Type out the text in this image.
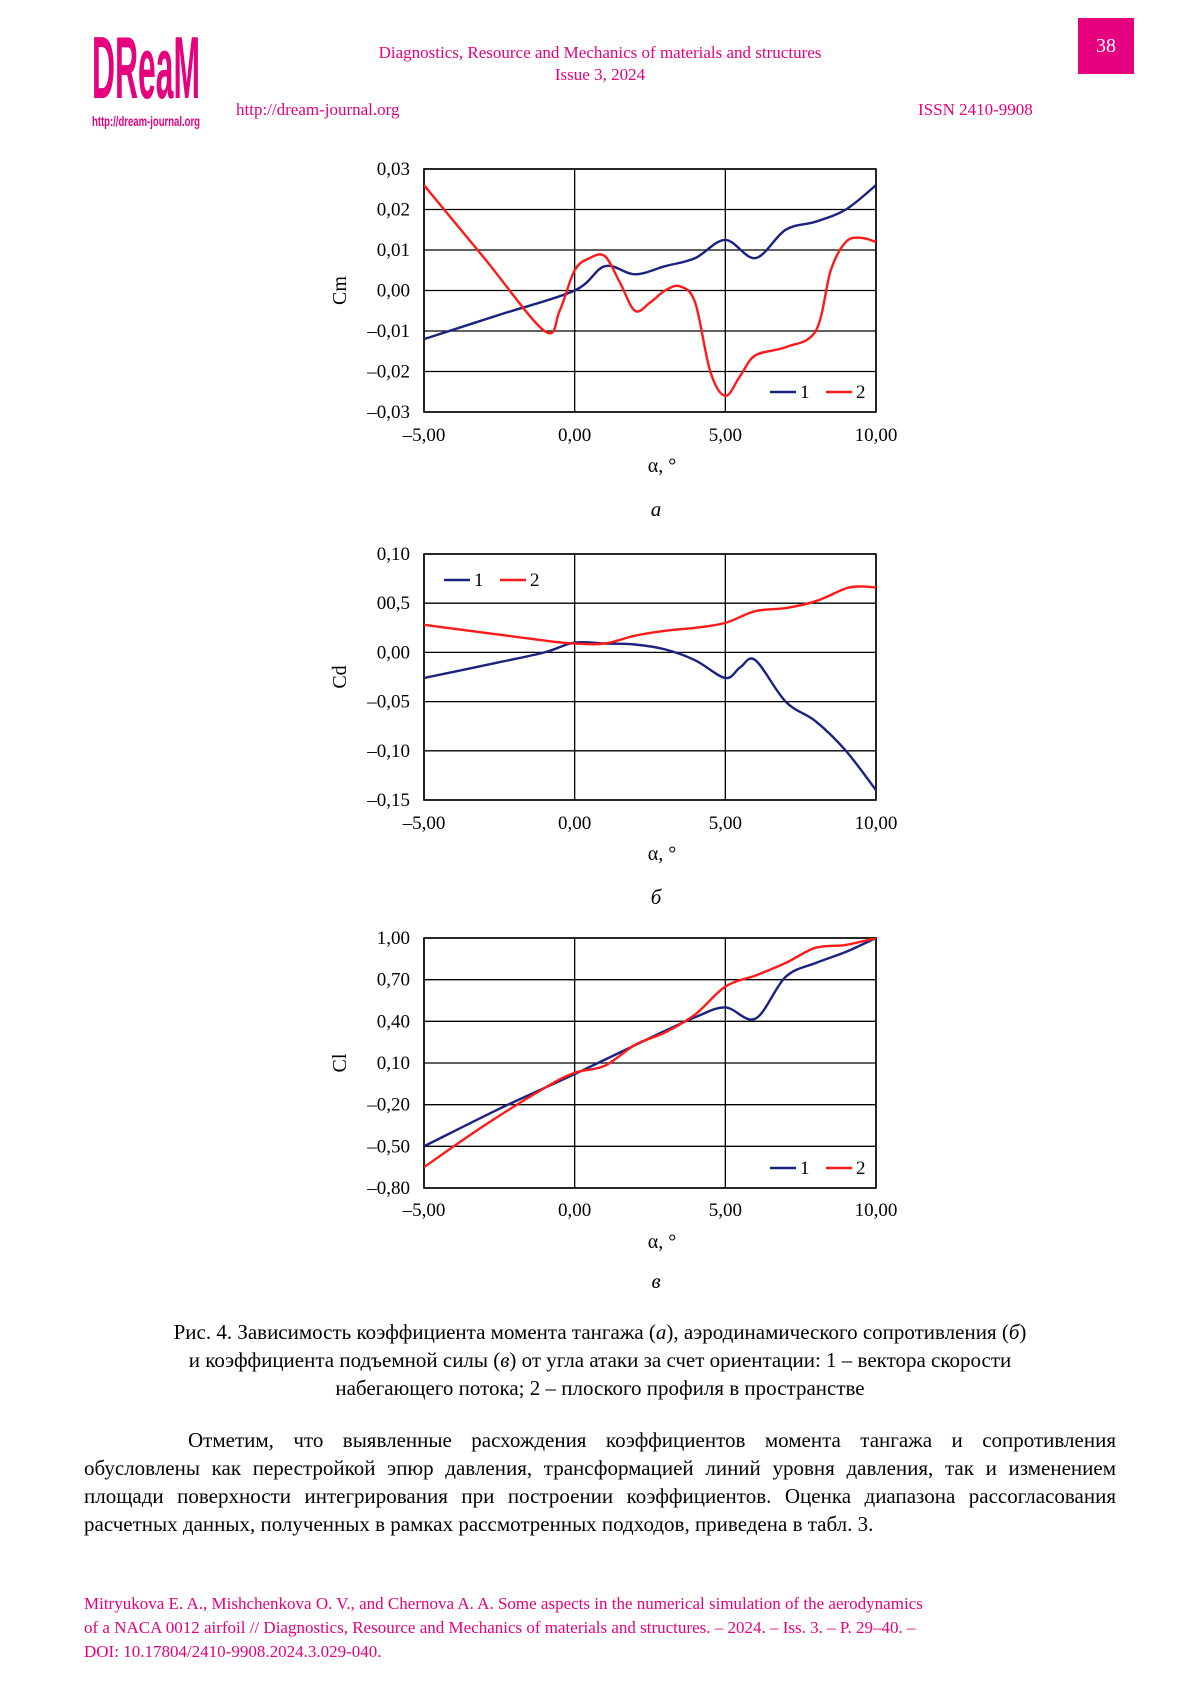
DReaM
http://dream-journal.org
Diagnostics, Resource and Mechanics of materials and structures
Issue 3, 2024
http://dream-journal.org	ISSN 2410-9908
38
0,03
0,02
0,01
0,00
–0,01
–0,02
–0,03
–5,00	0,00	5,00	10,00
1 2
α, °
Cm
а
0,10
00,5
0,00
–0,05
–0,10
–0,15
–5,00	0,00	5,00	10,00
1 2
α, °
Cd
б
1,00
0,70
0,40
0,10
–0,20
–0,50
–0,80
–5,00	0,00	5,00	10,00
1 2
α, °
Cl
в
Рис. 4. Зависимость коэффициента момента тангажа (а), аэродинамического сопротивления (б)
и коэффициента подъемной силы (в) от угла атаки за счет ориентации: 1 – вектора скорости
набегающего потока; 2 – плоского профиля в пространстве
Отметим, что выявленные расхождения коэффициентов момента тангажа и сопротивления обусловлены как перестройкой эпюр давления, трансформацией линий уровня давления, так и изменением площади поверхности интегрирования при построении коэффициентов. Оценка диапазона рассогласования расчетных данных, полученных в рамках рассмотренных подходов, приведена в табл. 3.
Mitryukova E. A., Mishchenkova O. V., and Chernova A. A. Some aspects in the numerical simulation of the aerodynamics
of a NACA 0012 airfoil // Diagnostics, Resource and Mechanics of materials and structures. – 2024. – Iss. 3. – P. 29–40. –
DOI: 10.17804/2410-9908.2024.3.029-040.
